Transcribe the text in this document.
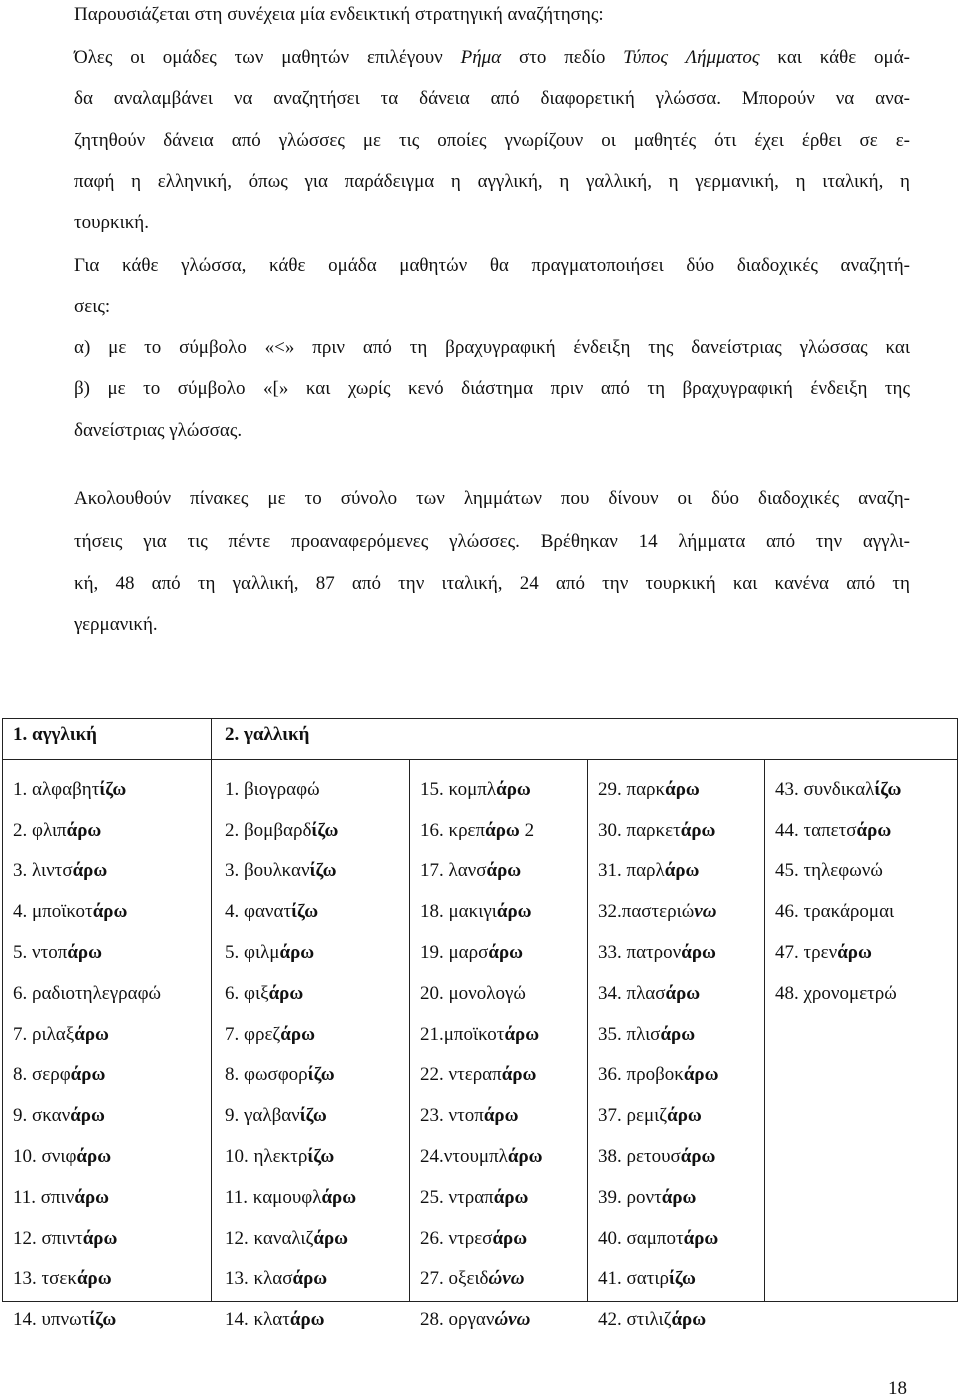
Παρουσιάζεται στη συνέχεια μία ενδεικτική στρατηγική αναζήτησης:
Όλες οι ομάδες των μαθητών επιλέγουν Ρήμα στο πεδίο Τύπος Λήμματος και κάθε ομά-
δα αναλαμβάνει να αναζητήσει τα δάνεια από διαφορετική γλώσσα. Μπορούν να ανα-
ζητηθούν δάνεια από γλώσσες με τις οποίες γνωρίζουν οι μαθητές ότι έχει έρθει σε ε-
παφή η ελληνική, όπως για παράδειγμα η αγγλική, η γαλλική, η γερμανική, η ιταλική, η
τουρκική.
Για κάθε γλώσσα, κάθε ομάδα μαθητών θα πραγματοποιήσει δύο διαδοχικές αναζητή-
σεις:
α) με το σύμβολο «<» πριν από τη βραχυγραφική ένδειξη της δανείστριας γλώσσας και
β) με το σύμβολο «[» και χωρίς κενό διάστημα πριν από τη βραχυγραφική ένδειξη της
δανείστριας γλώσσας.
Ακολουθούν πίνακες με το σύνολο των λημμάτων που δίνουν οι δύο διαδοχικές αναζη-
τήσεις για τις πέντε προαναφερόμενες γλώσσες. Βρέθηκαν 14 λήμματα από την αγγλι-
κή, 48 από τη γαλλική, 87 από την ιταλική, 24 από την τουρκική και κανένα από τη
γερμανική.
1. αγγλική	2. γαλλική
1. αλφαβητίζω
2. φλιπάρω
3. λιντσάρω
4. μποϊκοτάρω
5. ντοπάρω
6. ραδιοτηλεγραφώ
7. ριλαξάρω
8. σερφάρω
9. σκανάρω
10. σνιφάρω
11. σπινάρω
12. σπιντάρω
13. τσεκάρω
14. υπνωτίζω
1. βιογραφώ
2. βομβαρδίζω
3. βουλκανίζω
4. φανατίζω
5. φιλμάρω
6. φιξάρω
7. φρεζάρω
8. φωσφορίζω
9. γαλβανίζω
10. ηλεκτρίζω
11. καμουφλάρω
12. καναλιζάρω
13. κλασάρω
14. κλατάρω
15. κομπλάρω
16. κρεπάρω 2
17. λανσάρω
18. μακιγιάρω
19. μαρσάρω
20. μονολογώ
21.μποϊκοτάρω
22. ντεραπάρω
23. ντοπάρω
24.ντουμπλάρω
25. ντραπάρω
26. ντρεσάρω
27. οξειδώνω
28. οργανώνω
29. παρκάρω
30. παρκετάρω
31. παρλάρω
32.παστεριώνω
33. πατρονάρω
34. πλασάρω
35. πλισάρω
36. προβοκάρω
37. ρεμιζάρω
38. ρετουσάρω
39. ροντάρω
40. σαμποτάρω
41. σατιρίζω
42. στιλιζάρω
43. συνδικαλίζω
44. ταπετσάρω
45. τηλεφωνώ
46. τρακάρομαι
47. τρενάρω
48. χρονομετρώ
18
